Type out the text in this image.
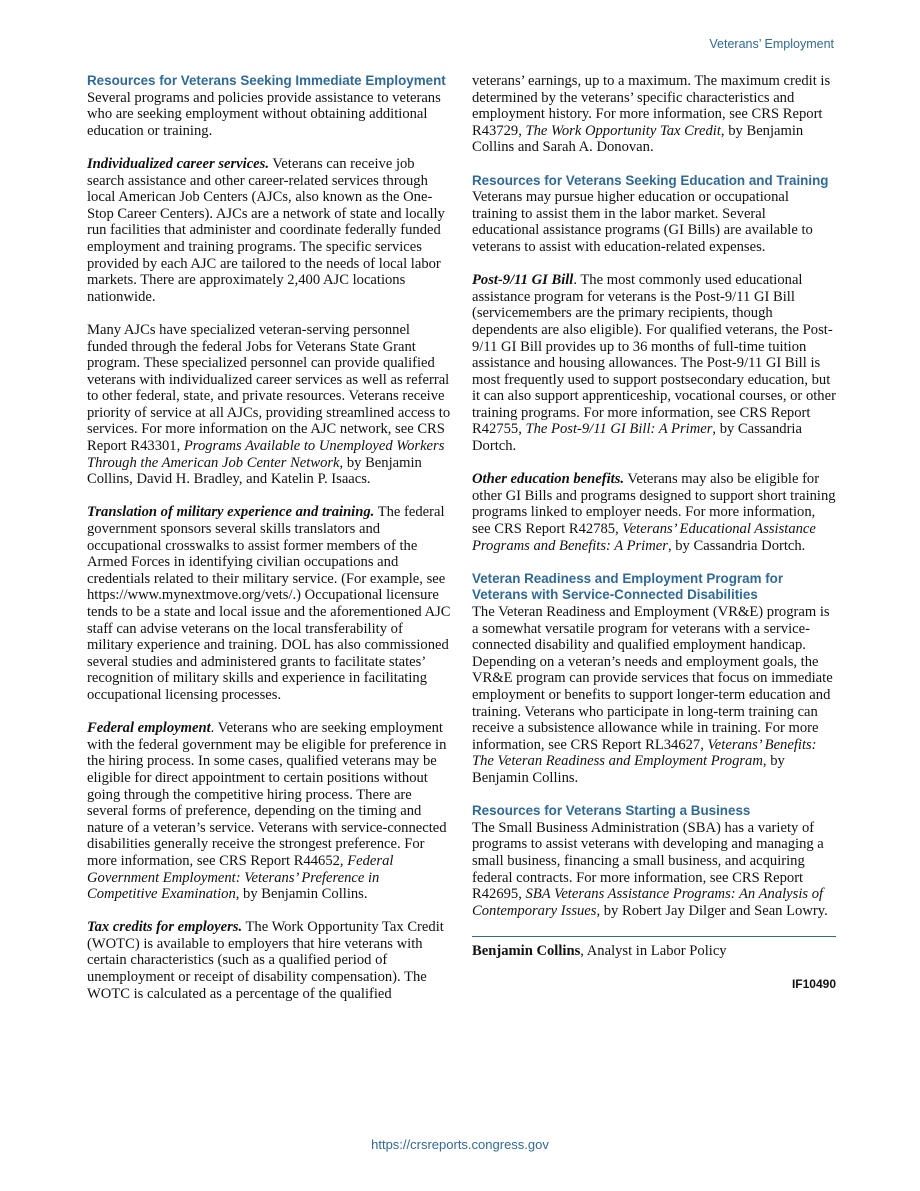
Veterans’ Employment
Resources for Veterans Seeking Immediate Employment

Several programs and policies provide assistance to veterans who are seeking employment without obtaining additional education or training.

Individualized career services. Veterans can receive job search assistance and other career-related services through local American Job Centers (AJCs, also known as the One-Stop Career Centers). AJCs are a network of state and locally run facilities that administer and coordinate federally funded employment and training programs. The specific services provided by each AJC are tailored to the needs of local labor markets. There are approximately 2,400 AJC locations nationwide.

Many AJCs have specialized veteran-serving personnel funded through the federal Jobs for Veterans State Grant program. These specialized personnel can provide qualified veterans with individualized career services as well as referral to other federal, state, and private resources. Veterans receive priority of service at all AJCs, providing streamlined access to services. For more information on the AJC network, see CRS Report R43301, Programs Available to Unemployed Workers Through the American Job Center Network, by Benjamin Collins, David H. Bradley, and Katelin P. Isaacs.

Translation of military experience and training. The federal government sponsors several skills translators and occupational crosswalks to assist former members of the Armed Forces in identifying civilian occupations and credentials related to their military service. (For example, see https://www.mynextmove.org/vets/.) Occupational licensure tends to be a state and local issue and the aforementioned AJC staff can advise veterans on the local transferability of military experience and training. DOL has also commissioned several studies and administered grants to facilitate states’ recognition of military skills and experience in facilitating occupational licensing processes.

Federal employment. Veterans who are seeking employment with the federal government may be eligible for preference in the hiring process. In some cases, qualified veterans may be eligible for direct appointment to certain positions without going through the competitive hiring process. There are several forms of preference, depending on the timing and nature of a veteran’s service. Veterans with service-connected disabilities generally receive the strongest preference. For more information, see CRS Report R44652, Federal Government Employment: Veterans’ Preference in Competitive Examination, by Benjamin Collins.

Tax credits for employers. The Work Opportunity Tax Credit (WOTC) is available to employers that hire veterans with certain characteristics (such as a qualified period of unemployment or receipt of disability compensation). The WOTC is calculated as a percentage of the qualified

veterans’ earnings, up to a maximum. The maximum credit is determined by the veterans’ specific characteristics and employment history. For more information, see CRS Report R43729, The Work Opportunity Tax Credit, by Benjamin Collins and Sarah A. Donovan.

Resources for Veterans Seeking Education and Training

Veterans may pursue higher education or occupational training to assist them in the labor market. Several educational assistance programs (GI Bills) are available to veterans to assist with education-related expenses.

Post-9/11 GI Bill. The most commonly used educational assistance program for veterans is the Post-9/11 GI Bill (servicemembers are the primary recipients, though dependents are also eligible). For qualified veterans, the Post-9/11 GI Bill provides up to 36 months of full-time tuition assistance and housing allowances. The Post-9/11 GI Bill is most frequently used to support postsecondary education, but it can also support apprenticeship, vocational courses, or other training programs. For more information, see CRS Report R42755, The Post-9/11 GI Bill: A Primer, by Cassandria Dortch.

Other education benefits. Veterans may also be eligible for other GI Bills and programs designed to support short training programs linked to employer needs. For more information, see CRS Report R42785, Veterans’ Educational Assistance Programs and Benefits: A Primer, by Cassandria Dortch.

Veteran Readiness and Employment Program for Veterans with Service-Connected Disabilities

The Veteran Readiness and Employment (VR&E) program is a somewhat versatile program for veterans with a service-connected disability and qualified employment handicap. Depending on a veteran’s needs and employment goals, the VR&E program can provide services that focus on immediate employment or benefits to support longer-term education and training. Veterans who participate in long-term training can receive a subsistence allowance while in training. For more information, see CRS Report RL34627, Veterans’ Benefits: The Veteran Readiness and Employment Program, by Benjamin Collins.

Resources for Veterans Starting a Business

The Small Business Administration (SBA) has a variety of programs to assist veterans with developing and managing a small business, financing a small business, and acquiring federal contracts. For more information, see CRS Report R42695, SBA Veterans Assistance Programs: An Analysis of Contemporary Issues, by Robert Jay Dilger and Sean Lowry.

Benjamin Collins, Analyst in Labor Policy

IF10490
https://crsreports.congress.gov
